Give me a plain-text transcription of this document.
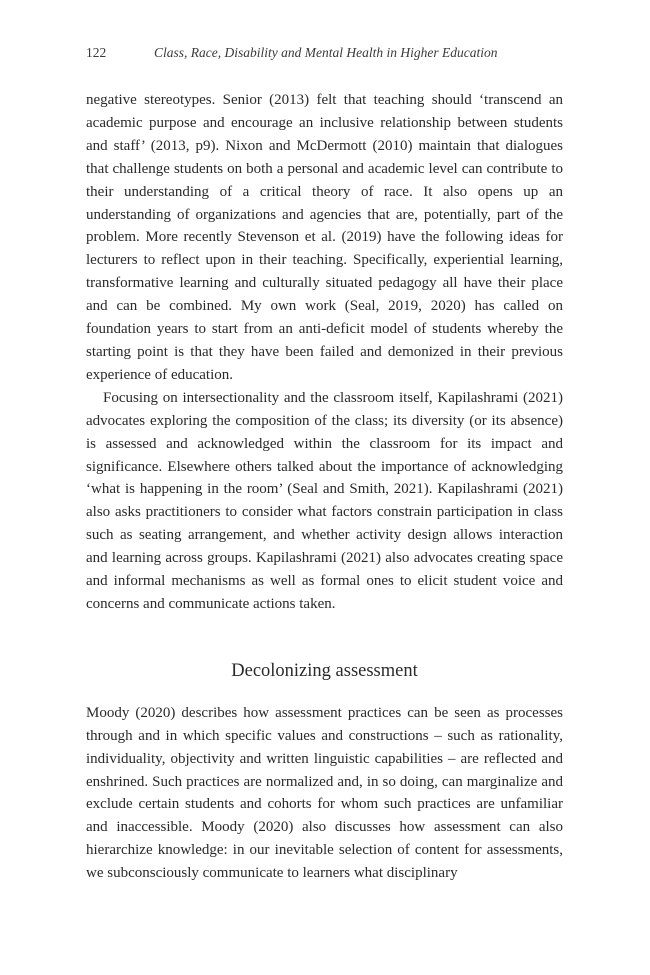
122	Class, Race, Disability and Mental Health in Higher Education

negative stereotypes. Senior (2013) felt that teaching should ‘transcend an academic purpose and encourage an inclusive relationship between students and staff’ (2013, p9). Nixon and McDermott (2010) maintain that dialogues that challenge students on both a personal and academic level can contribute to their understanding of a critical theory of race. It also opens up an understanding of organizations and agencies that are, potentially, part of the problem. More recently Stevenson et al. (2019) have the following ideas for lecturers to reflect upon in their teaching. Specifically, experiential learning, transformative learning and culturally situated pedagogy all have their place and can be combined. My own work (Seal, 2019, 2020) has called on foundation years to start from an anti-deficit model of students whereby the starting point is that they have been failed and demonized in their previous experience of education.

Focusing on intersectionality and the classroom itself, Kapilashrami (2021) advocates exploring the composition of the class; its diversity (or its absence) is assessed and acknowledged within the classroom for its impact and significance. Elsewhere others talked about the importance of acknowledging ‘what is happening in the room’ (Seal and Smith, 2021). Kapilashrami (2021) also asks practitioners to consider what factors constrain participation in class such as seating arrangement, and whether activity design allows interaction and learning across groups. Kapilashrami (2021) also advocates creating space and informal mechanisms as well as formal ones to elicit student voice and concerns and communicate actions taken.

Decolonizing assessment

Moody (2020) describes how assessment practices can be seen as processes through and in which specific values and constructions – such as rationality, individuality, objectivity and written linguistic capabilities – are reflected and enshrined. Such practices are normalized and, in so doing, can marginalize and exclude certain students and cohorts for whom such practices are unfamiliar and inaccessible. Moody (2020) also discusses how assessment can also hierarchize knowledge: in our inevitable selection of content for assessments, we subconsciously communicate to learners what disciplinary
